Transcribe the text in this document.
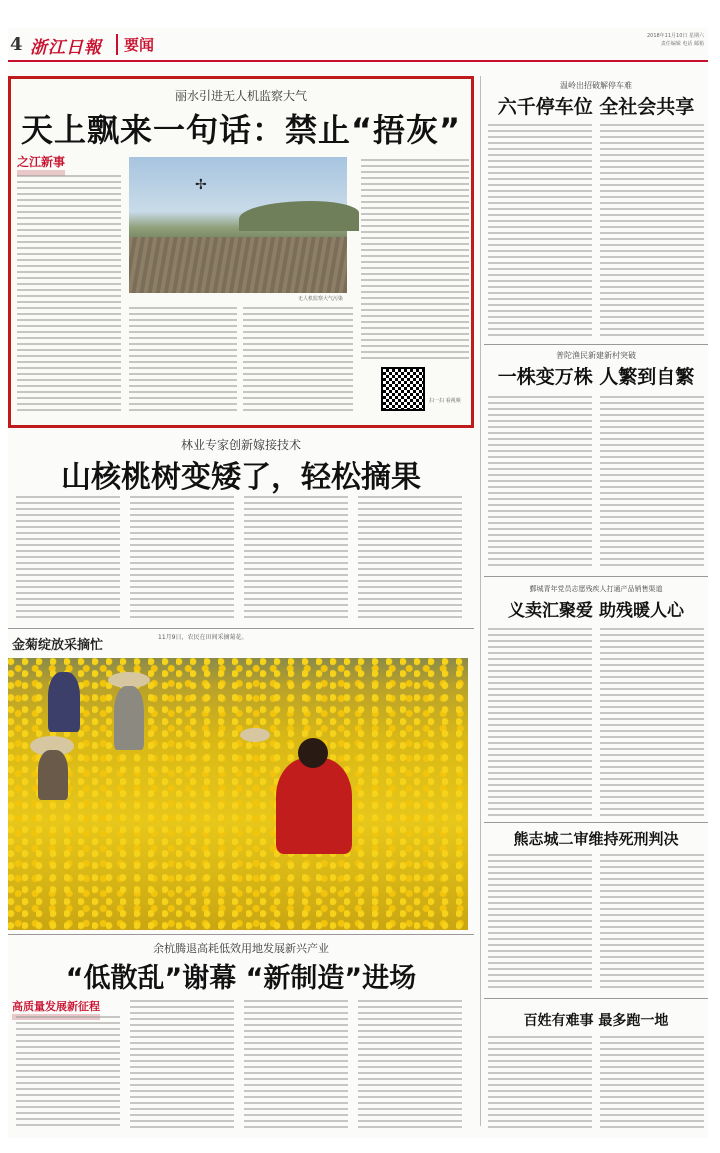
4 浙江日報	要闻	2018年11月10日 星期六
责任编辑 电话 邮箱
丽水引进无人机监察大气
天上飘来一句话：禁止“捂灰”
之江新事
✢
无人机监察大气污染
扫一扫 看视频
温岭出招破解停车难
六千停车位 全社会共享
普陀渔民新建新村突破
一株变万株 人繁到自繁
鄞城青年党员志愿残疾人打通产品销售渠道
义卖汇聚爱 助残暖人心
熊志城二审维持死刑判决
百姓有难事 最多跑一地
林业专家创新嫁接技术
山核桃树变矮了，轻松摘果
金菊绽放采摘忙
11月9日，农民在田间采摘菊花。
余杭腾退高耗低效用地发展新兴产业
“低散乱”谢幕 “新制造”进场
高质量发展新征程
